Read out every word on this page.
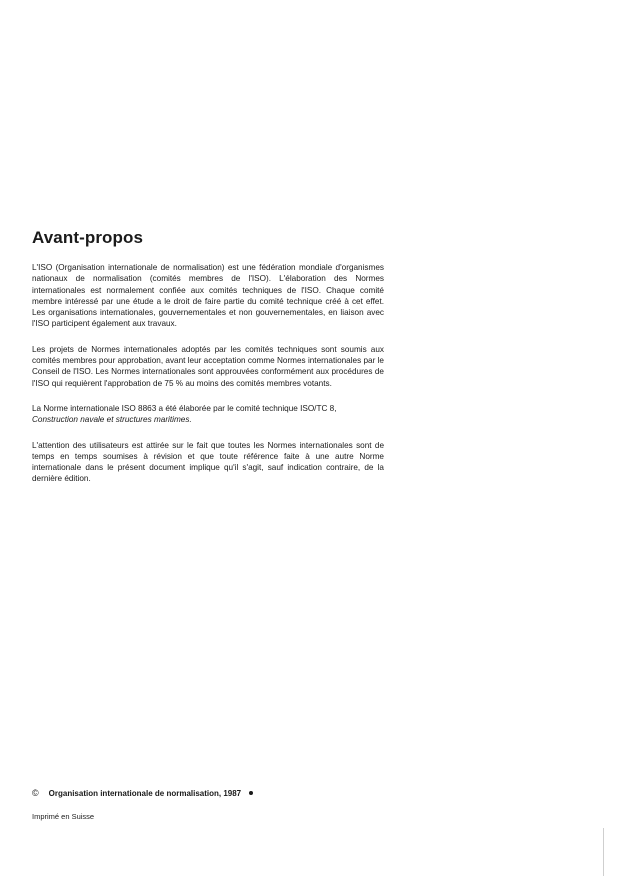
Avant-propos

L'ISO (Organisation internationale de normalisation) est une fédération mondiale d'organismes nationaux de normalisation (comités membres de l'ISO). L'élaboration des Normes internationales est normalement confiée aux comités techniques de l'ISO. Chaque comité membre intéressé par une étude a le droit de faire partie du comité technique créé à cet effet. Les organisations internationales, gouvernementales et non gouvernementales, en liaison avec l'ISO participent également aux travaux.

Les projets de Normes internationales adoptés par les comités techniques sont soumis aux comités membres pour approbation, avant leur acceptation comme Normes internationales par le Conseil de l'ISO. Les Normes internationales sont approuvées conformément aux procédures de l'ISO qui requièrent l'approbation de 75 % au moins des comités membres votants.

La Norme internationale ISO 8863 a été élaborée par le comité technique ISO/TC 8,
Construction navale et structures maritimes.

L'attention des utilisateurs est attirée sur le fait que toutes les Normes internationales sont de temps en temps soumises à révision et que toute référence faite à une autre Norme internationale dans le présent document implique qu'il s'agit, sauf indication contraire, de la dernière édition.

© Organisation internationale de normalisation, 1987
Imprimé en Suisse
